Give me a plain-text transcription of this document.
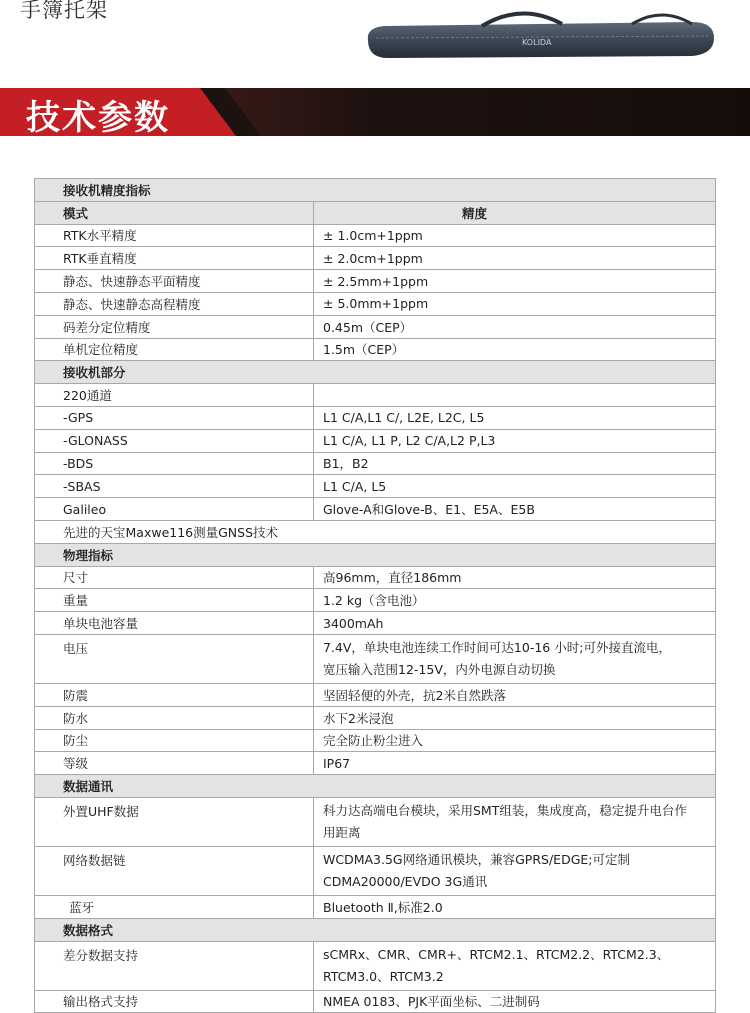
手簿托架
KOLIDA
技术参数
接收机精度指标	
模式	精度
RTK水平精度	± 1.0cm+1ppm
RTK垂直精度	± 2.0cm+1ppm
静态、快速静态平面精度	± 2.5mm+1ppm
静态、快速静态高程精度	± 5.0mm+1ppm
码差分定位精度	0.45m（CEP）
单机定位精度	1.5m（CEP）
接收机部分	
220通道	
-GPS	L1 C/A,L1 C/, L2E, L2C, L5
-GLONASS	L1 C/A, L1 P, L2 C/A,L2 P,L3
-BDS	B1，B2
-SBAS	L1 C/A, L5
Galileo	Glove-A和Glove-B、E1、E5A、E5B
先进的天宝Maxwe116测量GNSS技术	
物理指标	
尺寸	高96mm，直径186mm
重量	1.2 kg（含电池）
单块电池容量	3400mAh
电压	7.4V，单块电池连续工作时间可达10-16 小时;可外接直流电，
宽压输入范围12-15V，内外电源自动切换

防震	坚固轻便的外壳，抗2米自然跌落
防水	水下2米浸泡
防尘	完全防止粉尘进入
等级	IP67
数据通讯	
外置UHF数据	科力达高端电台模块，采用SMT组装，集成度高，稳定提升电台作
用距离

网络数据链	WCDMA3.5G网络通讯模块，兼容GPRS/EDGE;可定制
CDMA20000/EVDO 3G通讯

蓝牙	Bluetooth Ⅱ,标准2.0
数据格式	
差分数据支持	sCMRx、CMR、CMR+、RTCM2.1、RTCM2.2、RTCM2.3、
RTCM3.0、RTCM3.2

输出格式支持	NMEA 0183、PJK平面坐标、二进制码
